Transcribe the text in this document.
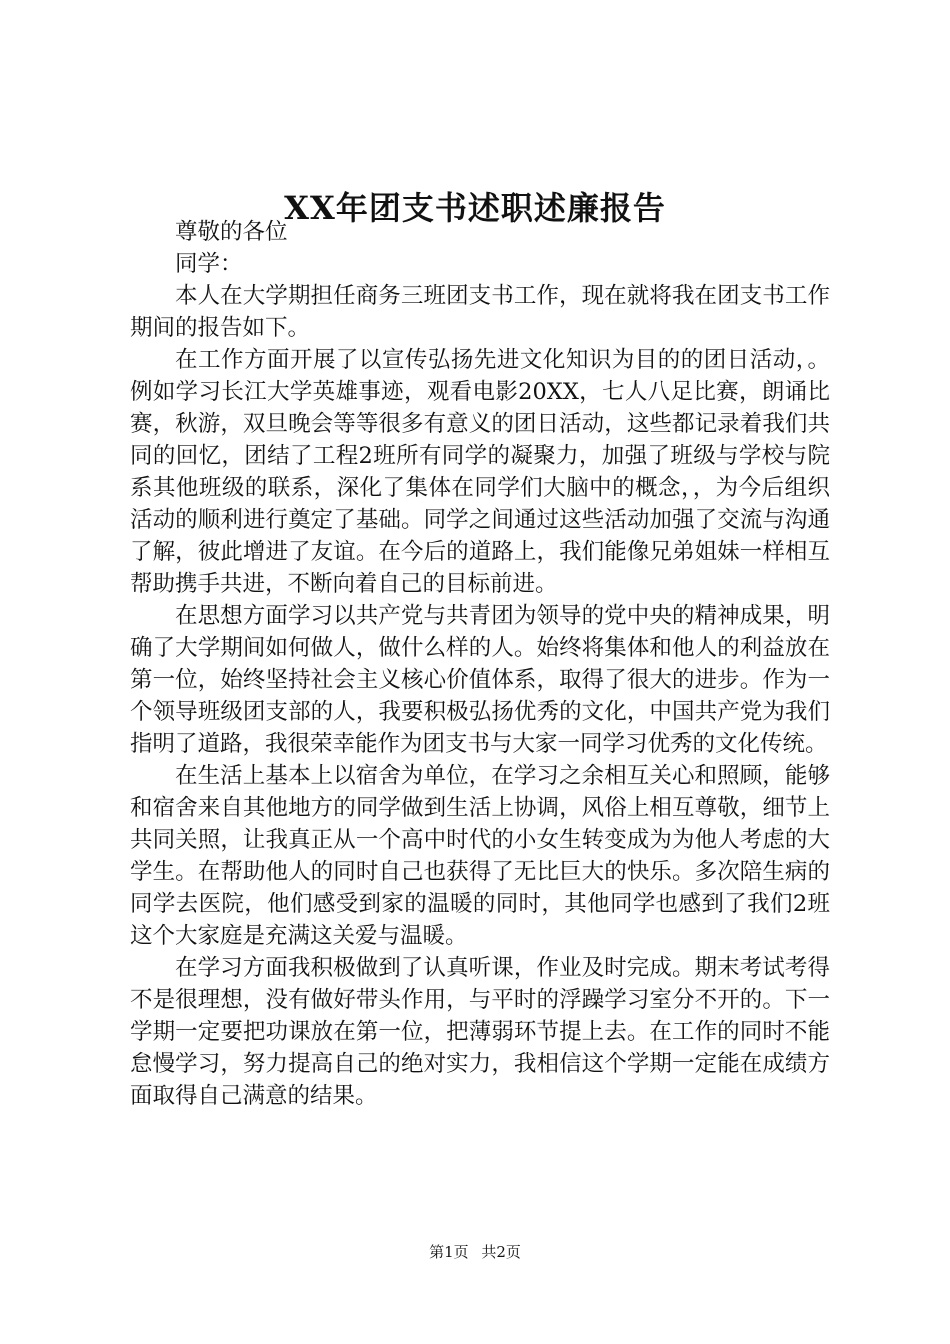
XX年团支书述职述廉报告

尊敬的各位

同学：

本人在大学期担任商务三班团支书工作，现在就将我在团支书工作期间的报告如下。

在工作方面开展了以宣传弘扬先进文化知识为目的的团日活动，。例如学习长江大学英雄事迹，观看电影20XX，七人八足比赛，朗诵比赛，秋游，双旦晚会等等很多有意义的团日活动，这些都记录着我们共同的回忆，团结了工程2班所有同学的凝聚力，加强了班级与学校与院系其他班级的联系，深化了集体在同学们大脑中的概念，，为今后组织活动的顺利进行奠定了基础。同学之间通过这些活动加强了交流与沟通了解，彼此增进了友谊。在今后的道路上，我们能像兄弟姐妹一样相互帮助携手共进，不断向着自己的目标前进。

在思想方面学习以共产党与共青团为领导的党中央的精神成果，明确了大学期间如何做人，做什么样的人。始终将集体和他人的利益放在第一位，始终坚持社会主义核心价值体系，取得了很大的进步。作为一个领导班级团支部的人，我要积极弘扬优秀的文化，中国共产党为我们指明了道路，我很荣幸能作为团支书与大家一同学习优秀的文化传统。

在生活上基本上以宿舍为单位，在学习之余相互关心和照顾，能够和宿舍来自其他地方的同学做到生活上协调，风俗上相互尊敬，细节上共同关照，让我真正从一个高中时代的小女生转变成为为他人考虑的大学生。在帮助他人的同时自己也获得了无比巨大的快乐。多次陪生病的同学去医院，他们感受到家的温暖的同时，其他同学也感到了我们2班这个大家庭是充满这关爱与温暖。

在学习方面我积极做到了认真听课，作业及时完成。期末考试考得不是很理想，没有做好带头作用，与平时的浮躁学习室分不开的。下一学期一定要把功课放在第一位，把薄弱环节提上去。在工作的同时不能怠慢学习，努力提高自己的绝对实力，我相信这个学期一定能在成绩方面取得自己满意的结果。

第1页 共2页
